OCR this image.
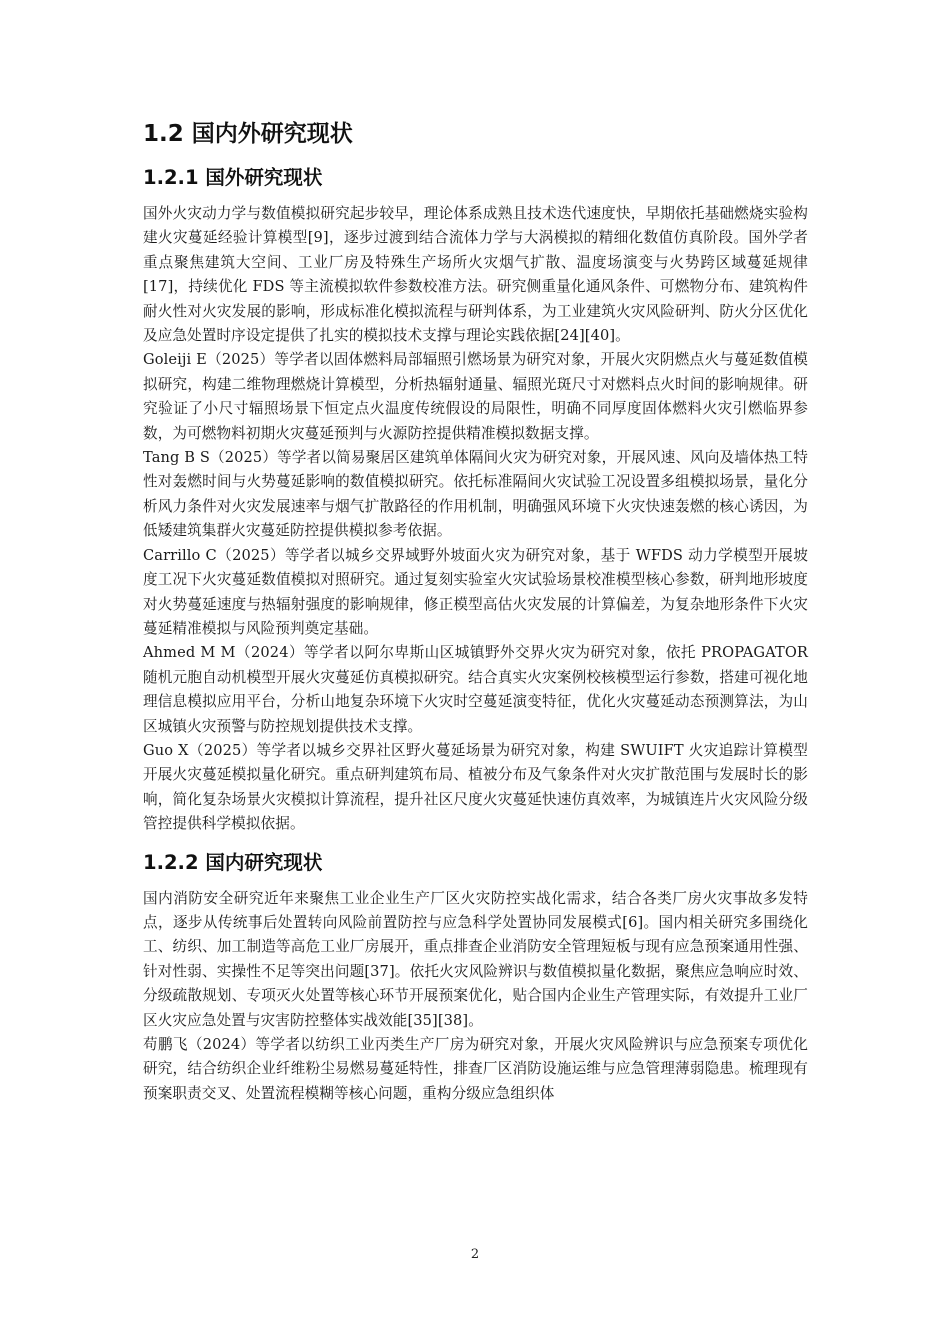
1.2 国内外研究现状
1.2.1 国外研究现状

国外火灾动力学与数值模拟研究起步较早，理论体系成熟且技术迭代速度快，早期依托基础燃烧实验构建火灾蔓延经验计算模型[9]，逐步过渡到结合流体力学与大涡模拟的精细化数值仿真阶段。国外学者重点聚焦建筑大空间、工业厂房及特殊生产场所火灾烟气扩散、温度场演变与火势跨区域蔓延规律[17]，持续优化 FDS 等主流模拟软件参数校准方法。研究侧重量化通风条件、可燃物分布、建筑构件耐火性对火灾发展的影响，形成标准化模拟流程与研判体系，为工业建筑火灾风险研判、防火分区优化及应急处置时序设定提供了扎实的模拟技术支撑与理论实践依据[24][40]。

Goleiji E（2025）等学者以固体燃料局部辐照引燃场景为研究对象，开展火灾阴燃点火与蔓延数值模拟研究，构建二维物理燃烧计算模型，分析热辐射通量、辐照光斑尺寸对燃料点火时间的影响规律。研究验证了小尺寸辐照场景下恒定点火温度传统假设的局限性，明确不同厚度固体燃料火灾引燃临界参数，为可燃物料初期火灾蔓延预判与火源防控提供精准模拟数据支撑。

Tang B S（2025）等学者以简易聚居区建筑单体隔间火灾为研究对象，开展风速、风向及墙体热工特性对轰燃时间与火势蔓延影响的数值模拟研究。依托标准隔间火灾试验工况设置多组模拟场景，量化分析风力条件对火灾发展速率与烟气扩散路径的作用机制，明确强风环境下火灾快速轰燃的核心诱因，为低矮建筑集群火灾蔓延防控提供模拟参考依据。

Carrillo C（2025）等学者以城乡交界域野外坡面火灾为研究对象，基于 WFDS 动力学模型开展坡度工况下火灾蔓延数值模拟对照研究。通过复刻实验室火灾试验场景校准模型核心参数，研判地形坡度对火势蔓延速度与热辐射强度的影响规律，修正模型高估火灾发展的计算偏差，为复杂地形条件下火灾蔓延精准模拟与风险预判奠定基础。

Ahmed M M（2024）等学者以阿尔卑斯山区城镇野外交界火灾为研究对象，依托 PROPAGATOR 随机元胞自动机模型开展火灾蔓延仿真模拟研究。结合真实火灾案例校核模型运行参数，搭建可视化地理信息模拟应用平台，分析山地复杂环境下火灾时空蔓延演变特征，优化火灾蔓延动态预测算法，为山区城镇火灾预警与防控规划提供技术支撑。

Guo X（2025）等学者以城乡交界社区野火蔓延场景为研究对象，构建 SWUIFT 火灾追踪计算模型开展火灾蔓延模拟量化研究。重点研判建筑布局、植被分布及气象条件对火灾扩散范围与发展时长的影响，简化复杂场景火灾模拟计算流程，提升社区尺度火灾蔓延快速仿真效率，为城镇连片火灾风险分级管控提供科学模拟依据。

1.2.2 国内研究现状

国内消防安全研究近年来聚焦工业企业生产厂区火灾防控实战化需求，结合各类厂房火灾事故多发特点，逐步从传统事后处置转向风险前置防控与应急科学处置协同发展模式[6]。国内相关研究多围绕化工、纺织、加工制造等高危工业厂房展开，重点排查企业消防安全管理短板与现有应急预案通用性强、针对性弱、实操性不足等突出问题[37]。依托火灾风险辨识与数值模拟量化数据，聚焦应急响应时效、分级疏散规划、专项灭火处置等核心环节开展预案优化，贴合国内企业生产管理实际，有效提升工业厂区火灾应急处置与灾害防控整体实战效能[35][38]。

苟鹏飞（2024）等学者以纺织工业丙类生产厂房为研究对象，开展火灾风险辨识与应急预案专项优化研究，结合纺织企业纤维粉尘易燃易蔓延特性，排查厂区消防设施运维与应急管理薄弱隐患。梳理现有预案职责交叉、处置流程模糊等核心问题，重构分级应急组织体

2
